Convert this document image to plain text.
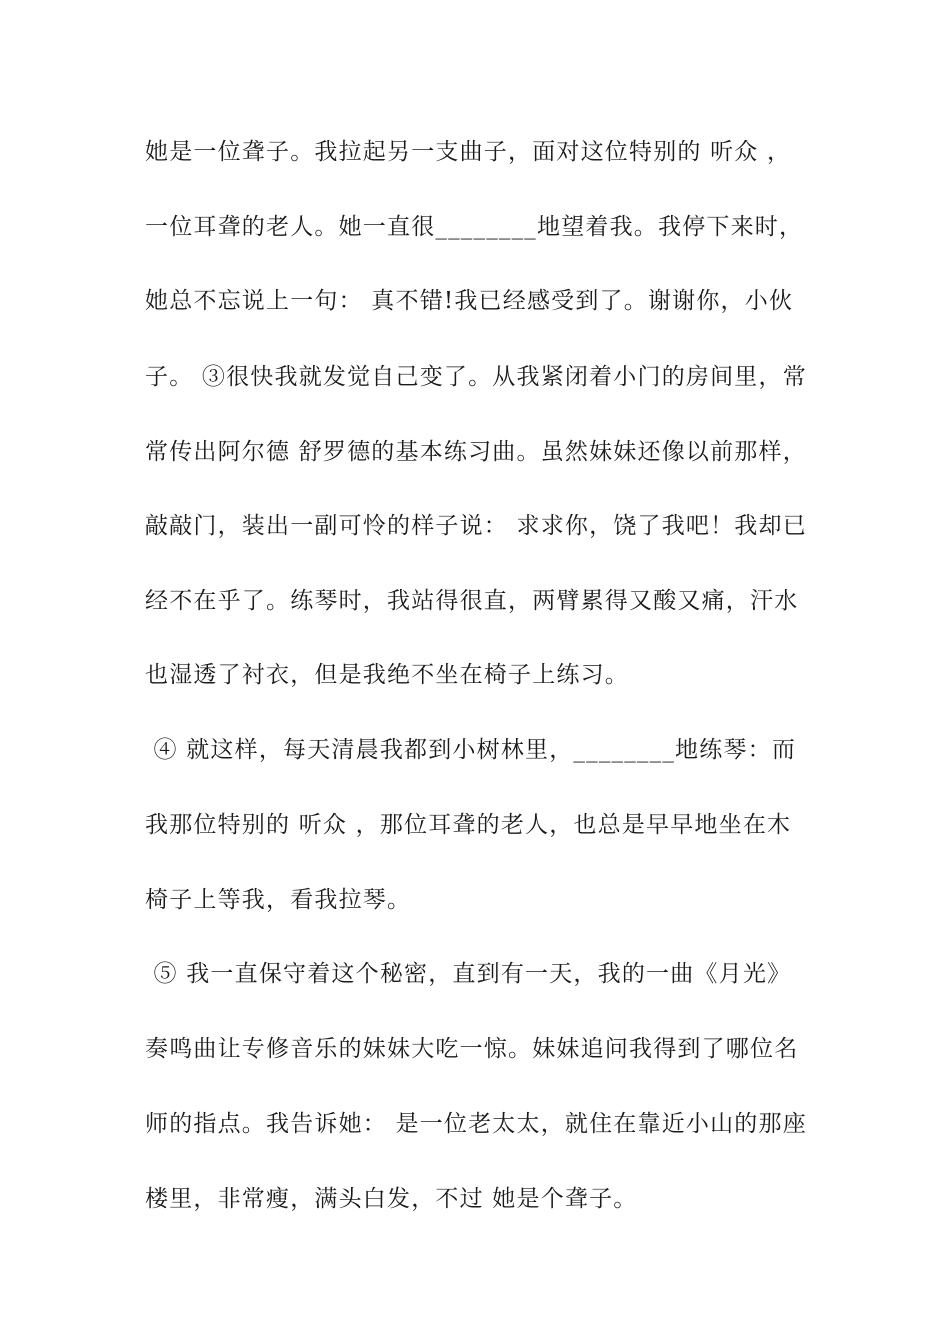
她是一位聋子。我拉起另一支曲子，面对这位特别的 听众 ，
一位耳聋的老人。她一直很________地望着我。我停下来时，
她总不忘说上一句： 真不错!我已经感受到了。谢谢你，小伙
子。 ③很快我就发觉自己变了。从我紧闭着小门的房间里，常
常传出阿尔德 舒罗德的基本练习曲。虽然妹妹还像以前那样，
敲敲门，装出一副可怜的样子说： 求求你，饶了我吧！我却已
经不在乎了。练琴时，我站得很直，两臂累得又酸又痛，汗水
也湿透了衬衣，但是我绝不坐在椅子上练习。
④ 就这样，每天清晨我都到小树林里，________地练琴：而
我那位特别的 听众 ，那位耳聋的老人，也总是早早地坐在木
椅子上等我，看我拉琴。
⑤ 我一直保守着这个秘密，直到有一天，我的一曲《月光》
奏鸣曲让专修音乐的妹妹大吃一惊。妹妹追问我得到了哪位名
师的指点。我告诉她： 是一位老太太，就住在靠近小山的那座
楼里，非常瘦，满头白发，不过 她是个聋子。
